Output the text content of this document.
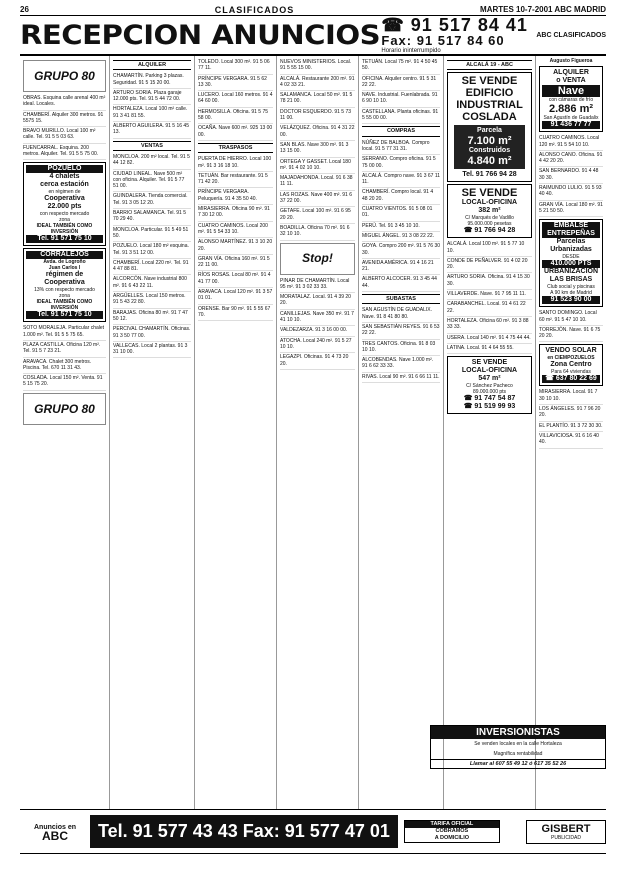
26	CLASIFICADOS	MARTES 10-7-2001 ABC MADRID
RECEPCION ANUNCIOS ☎ 91 517 84 41
Fax: 91 517 84 60
Horario ininterrumpido
ABC CLASIFICADOS
GRUPO 80
OBRAS. Esquina calle arenal 400 m² ideal. Locales.
CHAMBERÍ. Alquiler 300 metros. 91 5575 15.
BRAVO MURILLO. Local 100 m² calle. Tel. 91 5 5 03 63.
FUENCARRAL. Esquina. 200 metros. Alquiler. Tel. 91 5 5 75 00.
POZUELO
4 chalets
cerca estación
en régimen de
Cooperativa
22.000 pts
con respecto mercado
zona
IDEAL TAMBIÉN COMO INVERSIÓN
Tel. 91 571 75 10
CORRALEJOS
Avda. de Logroño
Juan Carlos I
régimen de Cooperativa
13% con respecto mercado
zona
IDEAL TAMBIÉN COMO INVERSIÓN
Tel. 91 571 75 10
SOTO MORALEJA. Particular chalet 1.000 m². Tel. 91 5 5 75 65.
PLAZA CASTILLA. Oficina 120 m². Tel. 91 5 7 23 21.
ARAVACA. Chalet 300 metros. Piscina. Tel. 670 11 31 43.
COSLADA. Local 150 m². Venta. 91 5 15 75 20.
GRUPO 80
ALQUILER
CHAMARTÍN. Parking 3 plazas. Seguridad. 91 5 15 20 00.
ARTURO SORIA. Plaza garaje 12.000 pts. Tel. 91 5 44 72 00.
HORTALEZA. Local 100 m² calle. 91 3 41 81 55.
ALBERTO AGUILERA. 91 5 16 45 13.
VENTAS
MONCLOA. 200 m² local. Tel. 91 5 44 12 82.
CIUDAD LINEAL. Nave 500 m² con oficina. Alquiler. Tel. 91 5 77 51 00.
GUINDALERA. Tienda comercial. Tel. 91 3 05 12 20.
BARRIO SALAMANCA. Tel. 91 5 70 29 40.
MONCLOA. Particular. 91 5 49 51 50.
POZUELO. Local 180 m² esquina. Tel. 91 3 51 12 00.
CHAMBERÍ. Local 220 m². Tel. 91 4 47 88 81.
ALCORCÓN. Nave industrial 800 m². 91 6 43 22 11.
ARGÜELLES. Local 150 metros. 91 5 43 22 80.
BARAJAS. Oficina 80 m². 91 7 47 50 12.
PERCIVAL CHAMARTÍN. Oficinas. 91 3 50 77 00.
VALLECAS. Local 2 plantas. 91 3 31 10 00.
TOLEDO. Local 300 m². 91 5 06 77 11.
PRÍNCIPE VERGARA. 91 5 62 13 30.
LUCERO. Local 160 metros. 91 4 64 60 00.
HERMOSILLA. Oficina. 91 5 75 58 00.
OCAÑA. Nave 600 m². 925 13 00 00.
TRASPASOS
PUERTA DE HIERRO. Local 100 m². 91 3 16 18 10.
TETUÁN. Bar restaurante. 91 5 71 42 20.
PRÍNCIPE VERGARA. Peluquería. 91 4 35 50 40.
MIRASIERRA. Oficina 90 m². 91 7 30 12 00.
CUATRO CAMINOS. Local 200 m². 91 5 54 33 10.
ALONSO MARTÍNEZ. 91 3 10 20 20.
GRAN VÍA. Oficina 160 m². 91 5 22 11 00.
RÍOS ROSAS. Local 80 m². 91 4 41 77 00.
ARAVACA. Local 120 m². 91 3 57 01 01.
ORENSE. Bar 90 m². 91 5 55 67 70.
NUEVOS MINISTERIOS. Local. 91 5 55 15 00.
ALCALÁ. Restaurante 200 m². 91 4 02 33 21.
SALAMANCA. Local 50 m². 91 5 78 21 00.
DOCTOR ESQUERDO. 91 5 73 11 00.
VELÁZQUEZ. Oficina. 91 4 31 22 00.
SAN BLAS. Nave 300 m². 91 3 13 15 00.
ORTEGA Y GASSET. Local 180 m². 91 4 02 10 10.
MAJADAHONDA. Local. 91 6 38 11 11.
LAS ROZAS. Nave 400 m². 91 6 37 22 00.
GETAFE. Local 100 m². 91 6 95 20 20.
BOADILLA. Oficina 70 m². 91 6 32 10 10.
Stop!
PINAR DE CHAMARTÍN. Local 95 m². 91 3 02 33 33.
MORATALAZ. Local. 91 4 39 20 20.
CANILLEJAS. Nave 350 m². 91 7 41 10 10.
VALDEZARZA. 91 3 16 00 00.
ATOCHA. Local 240 m². 91 5 27 10 10.
LEGAZPI. Oficinas. 91 4 73 20 20.
TETUÁN. Local 75 m². 91 4 50 45 50.
OFICINA. Alquiler centro. 91 5 31 22 22.
NAVE. Industrial. Fuenlabrada. 91 6 90 10 10.
CASTELLANA. Planta oficinas. 91 5 55 00 00.
COMPRAS
NÚÑEZ DE BALBOA. Compro local. 91 5 77 31 31.
SERRANO. Compro oficina. 91 5 75 00 00.
ALCALÁ. Compro nave. 91 3 67 11 11.
CHAMBERÍ. Compro local. 91 4 48 20 20.
CUATRO VIENTOS. 91 5 08 01 01.
PERÚ. Tel. 91 3 45 10 10.
MIGUEL ÁNGEL. 91 3 08 22 22.
GOYA. Compro 200 m². 91 5 76 30 30.
AVENIDA AMÉRICA. 91 4 16 21 21.
ALBERTO ALCOCER. 91 3 45 44 44.
SUBASTAS
SAN AGUSTÍN DE GUADALIX. Nave. 91 8 41 80 80.
SAN SEBASTIÁN REYES. 91 6 53 22 22.
TRES CANTOS. Oficina. 91 8 03 10 10.
ALCOBENDAS. Nave 1.000 m². 91 6 62 33 33.
RIVAS. Local 90 m². 91 6 66 11 11.
ALCALÁ 19 - ABC
SE VENDE
EDIFICIO
INDUSTRIAL
COSLADA
Parcela
7.100 m²
Construidos
4.840 m²
Tel. 91 766 94 28
SE VENDE
LOCAL-OFICINA
382 m²
C/ Marqués de Vadillo
95.000.000 pesetas
☎ 91 766 94 28
ALCALÁ. Local 100 m². 91 5 77 10 10.
CONDE DE PEÑALVER. 91 4 02 20 20.
ARTURO SORIA. Oficina. 91 4 15 30 30.
VILLAVERDE. Nave. 91 7 95 11 11.
CARABANCHEL. Local. 91 4 61 22 22.
HORTALEZA. Oficina 60 m². 91 3 88 33 33.
USERA. Local 140 m². 91 4 75 44 44.
LATINA. Local. 91 4 64 55 55.
SE VENDE
LOCAL-OFICINA
547 m²
C/ Sánchez Pacheco
89.000.000 pts
☎ 91 747 54 87
☎ 91 519 99 93
Augusto Figueroa
ALQUILER
o VENTA
Nave
con cámaras de frío
2.886 m²
San Agustín de Guadalix
91 436 77 77
CUATRO CAMINOS. Local 120 m². 91 5 54 10 10.
ALONSO CANO. Oficina. 91 4 42 20 20.
SAN BERNARDO. 91 4 48 30 30.
RAIMUNDO LULIO. 91 5 93 40 40.
GRAN VÍA. Local 180 m². 91 5 21 50 50.
EMBALSE
ENTREPEÑAS
Parcelas
Urbanizadas
DESDE
410.000 PTS
URBANIZACIÓN
LAS BRISAS
Club social y piscinas
A 90 km de Madrid
91 523 90 00
SANTO DOMINGO. Local 60 m². 91 5 47 10 10.
TORREJÓN. Nave. 91 6 75 20 20.
VENDO SOLAR
en CIEMPOZUELOS
Zona Centro
Para 64 viviendas
☎ 637 80 22 69
MIRASIERRA. Local. 91 7 30 10 10.
LOS ÁNGELES. 91 7 96 20 20.
EL PLANTÍO. 91 3 72 30 30.
VILLAVICIOSA. 91 6 16 40 40.
INVERSIONISTAS
Se venden locales en la calle Hortaleza
Magnífica rentabilidad
Llamar al 607 55 49 12 ó 617 35 52 26
Anuncios en
ABC	Tel. 91 577 43 43 Fax: 91 577 47 01	TARIFA OFICIAL
COBRAMOS
A DOMICILIO
GISBERT
PUBLICIDAD
